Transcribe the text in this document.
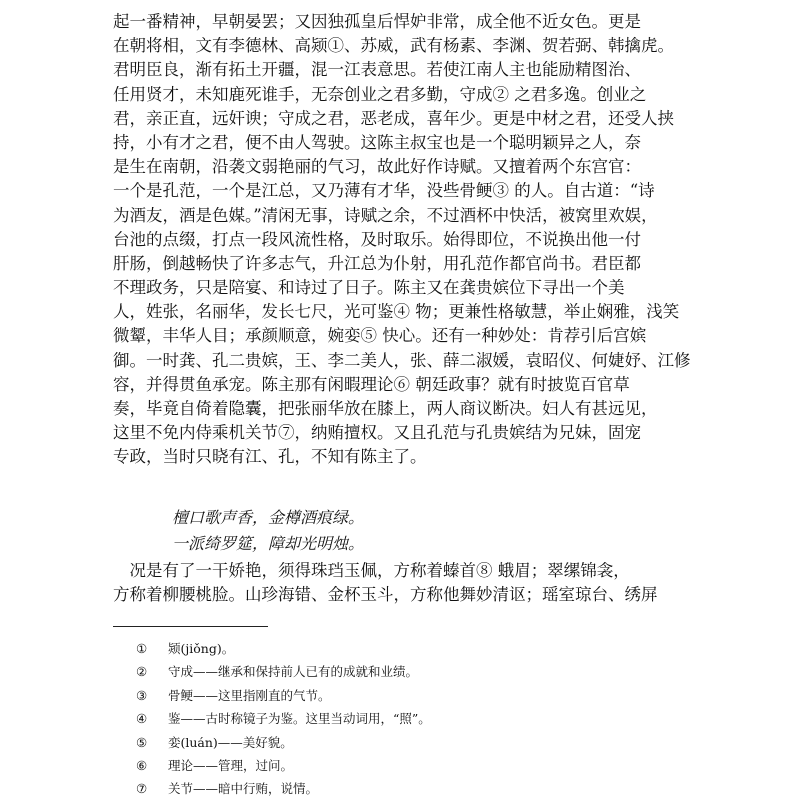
起一番精神，早朝晏罢；又因独孤皇后悍妒非常，成全他不近女色。更是
在朝将相，文有李德林、高颎①、苏威，武有杨素、李渊、贺若弼、韩擒虎。
君明臣良，渐有拓土开疆，混一江表意思。若使江南人主也能励精图治、
任用贤才，未知鹿死谁手，无奈创业之君多勤，守成② 之君多逸。创业之
君，亲正直，远奸谀；守成之君，恶老成，喜年少。更是中材之君，还受人挟
持，小有才之君，便不由人驾驶。这陈主叔宝也是一个聪明颖异之人，奈
是生在南朝，沿袭文弱艳丽的气习，故此好作诗赋。又擅着两个东宫官：
一个是孔范，一个是江总，又乃薄有才华，没些骨鲠③ 的人。自古道：“诗
为酒友，酒是色媒。”清闲无事，诗赋之余，不过酒杯中快活，被窝里欢娱，
台池的点缀，打点一段风流性格，及时取乐。始得即位，不说换出他一付
肝肠，倒越畅快了许多志气，升江总为仆射，用孔范作都官尚书。君臣都
不理政务，只是陪宴、和诗过了日子。陈主又在龚贵嫔位下寻出一个美
人，姓张，名丽华，发长七尺，光可鉴④ 物；更兼性格敏慧，举止娴雅，浅笑
微颦，丰华人目；承颜顺意，婉娈⑤ 快心。还有一种妙处：肯荐引后宫嫔
御。一时龚、孔二贵嫔，王、李二美人，张、薛二淑媛，袁昭仪、何婕妤、江修
容，并得贯鱼承宠。陈主那有闲暇理论⑥ 朝廷政事？就有时披览百官草
奏，毕竟自倚着隐囊，把张丽华放在膝上，两人商议断决。妇人有甚远见，
这里不免内侍乘机关节⑦，纳贿擅权。又且孔范与孔贵嫔结为兄妹，固宠
专政，当时只晓有江、孔，不知有陈主了。
檀口歌声香，金樽酒痕绿。
一派绮罗筵，障却光明烛。
　况是有了一干娇艳，须得珠珰玉佩，方称着螓首⑧ 蛾眉；翠缧锦衾，
方称着柳腰桃脸。山珍海错、金杯玉斗，方称他舞妙清讴；瑶室琼台、绣屏
①	颎(jiǒng)。
②	守成——继承和保持前人已有的成就和业绩。
③	骨鲠——这里指刚直的气节。
④	鉴——古时称镜子为鉴。这里当动词用，“照”。
⑤	娈(luán)——美好貌。
⑥	理论——管理，过问。
⑦	关节——暗中行贿，说情。
